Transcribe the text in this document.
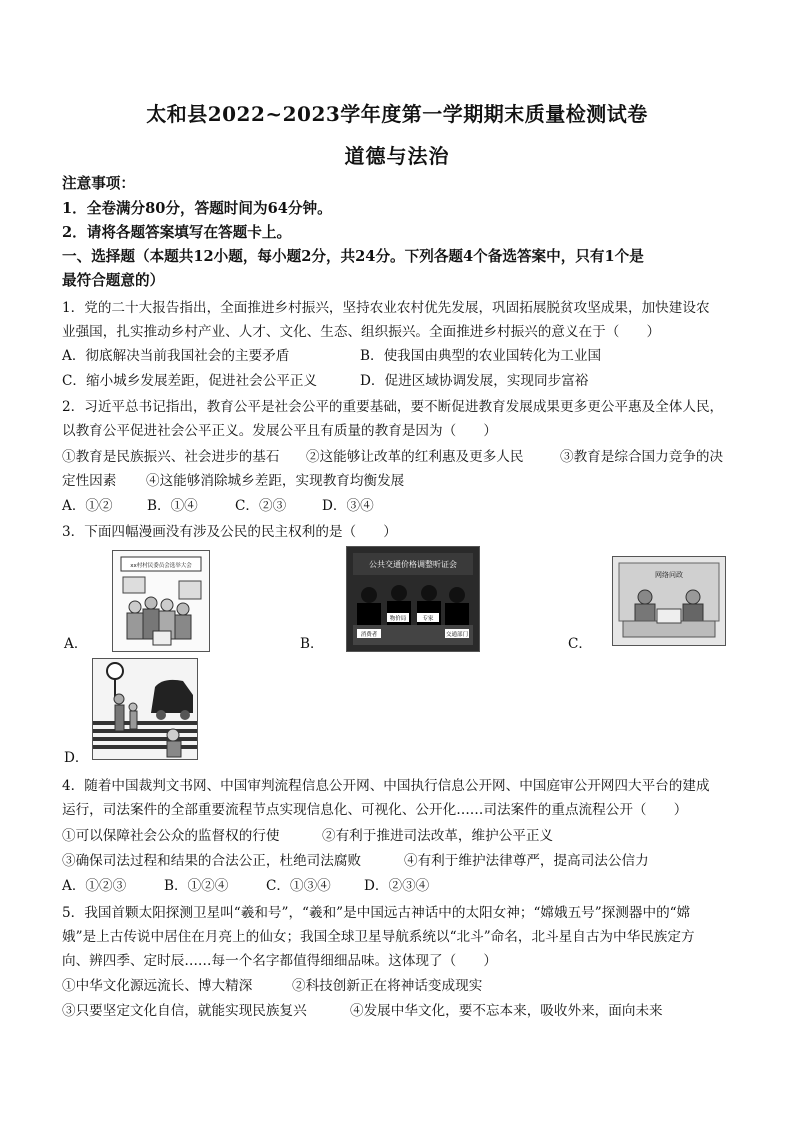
太和县2022~2023学年度第一学期期末质量检测试卷
道德与法治
注意事项：
1．全卷满分80分，答题时间为64分钟。
2．请将各题答案填写在答题卡上。
一、选择题（本题共12小题，每小题2分，共24分。下列各题4个备选答案中，只有1个是
最符合题意的）
1．党的二十大报告指出，全面推进乡村振兴，坚持农业农村优先发展，巩固拓展脱贫攻坚成果，加快建设农
业强国，扎实推动乡村产业、人才、文化、生态、组织振兴。全面推进乡村振兴的意义在于（　　）
A．彻底解决当前我国社会的主要矛盾	B．使我国由典型的农业国转化为工业国
C．缩小城乡发展差距，促进社会公平正义	D．促进区域协调发展，实现同步富裕
2．习近平总书记指出，教育公平是社会公平的重要基础，要不断促进教育发展成果更多更公平惠及全体人民，
以教育公平促进社会公平正义。发展公平且有质量的教育是因为（　　）
①教育是民族振兴、社会进步的基石 ②这能够让改革的红利惠及更多人民	③教育是综合国力竞争的决
定性因素 ④这能够消除城乡差距，实现教育均衡发展
A．①②	B．①④	C．②③	D．③④
3．下面四幅漫画没有涉及公民的民主权利的是（　　）
xx村村民委员会选举大会
A．
公共交通价格调整听证会
消费者
物价局	专家
交通部门
B．
网络问政
C．
D．
4．随着中国裁判文书网、中国审判流程信息公开网、中国执行信息公开网、中国庭审公开网四大平台的建成
运行，司法案件的全部重要流程节点实现信息化、可视化、公开化……司法案件的重点流程公开（　　）
①可以保障社会公众的监督权的行使	②有利于推进司法改革，维护公平正义
③确保司法过程和结果的合法公正，杜绝司法腐败	④有利于维护法律尊严，提高司法公信力
A．①②③	B．①②④	C．①③④ D．②③④
5．我国首颗太阳探测卫星叫“羲和号”，“羲和”是中国远古神话中的太阳女神；“嫦娥五号”探测器中的“嫦
娥”是上古传说中居住在月亮上的仙女；我国全球卫星导航系统以“北斗”命名，北斗星自古为中华民族定方
向、辨四季、定时辰……每一个名字都值得细细品味。这体现了（　　）
①中华文化源远流长、博大精深	②科技创新正在将神话变成现实
③只要坚定文化自信，就能实现民族复兴	④发展中华文化，要不忘本来，吸收外来，面向未来
